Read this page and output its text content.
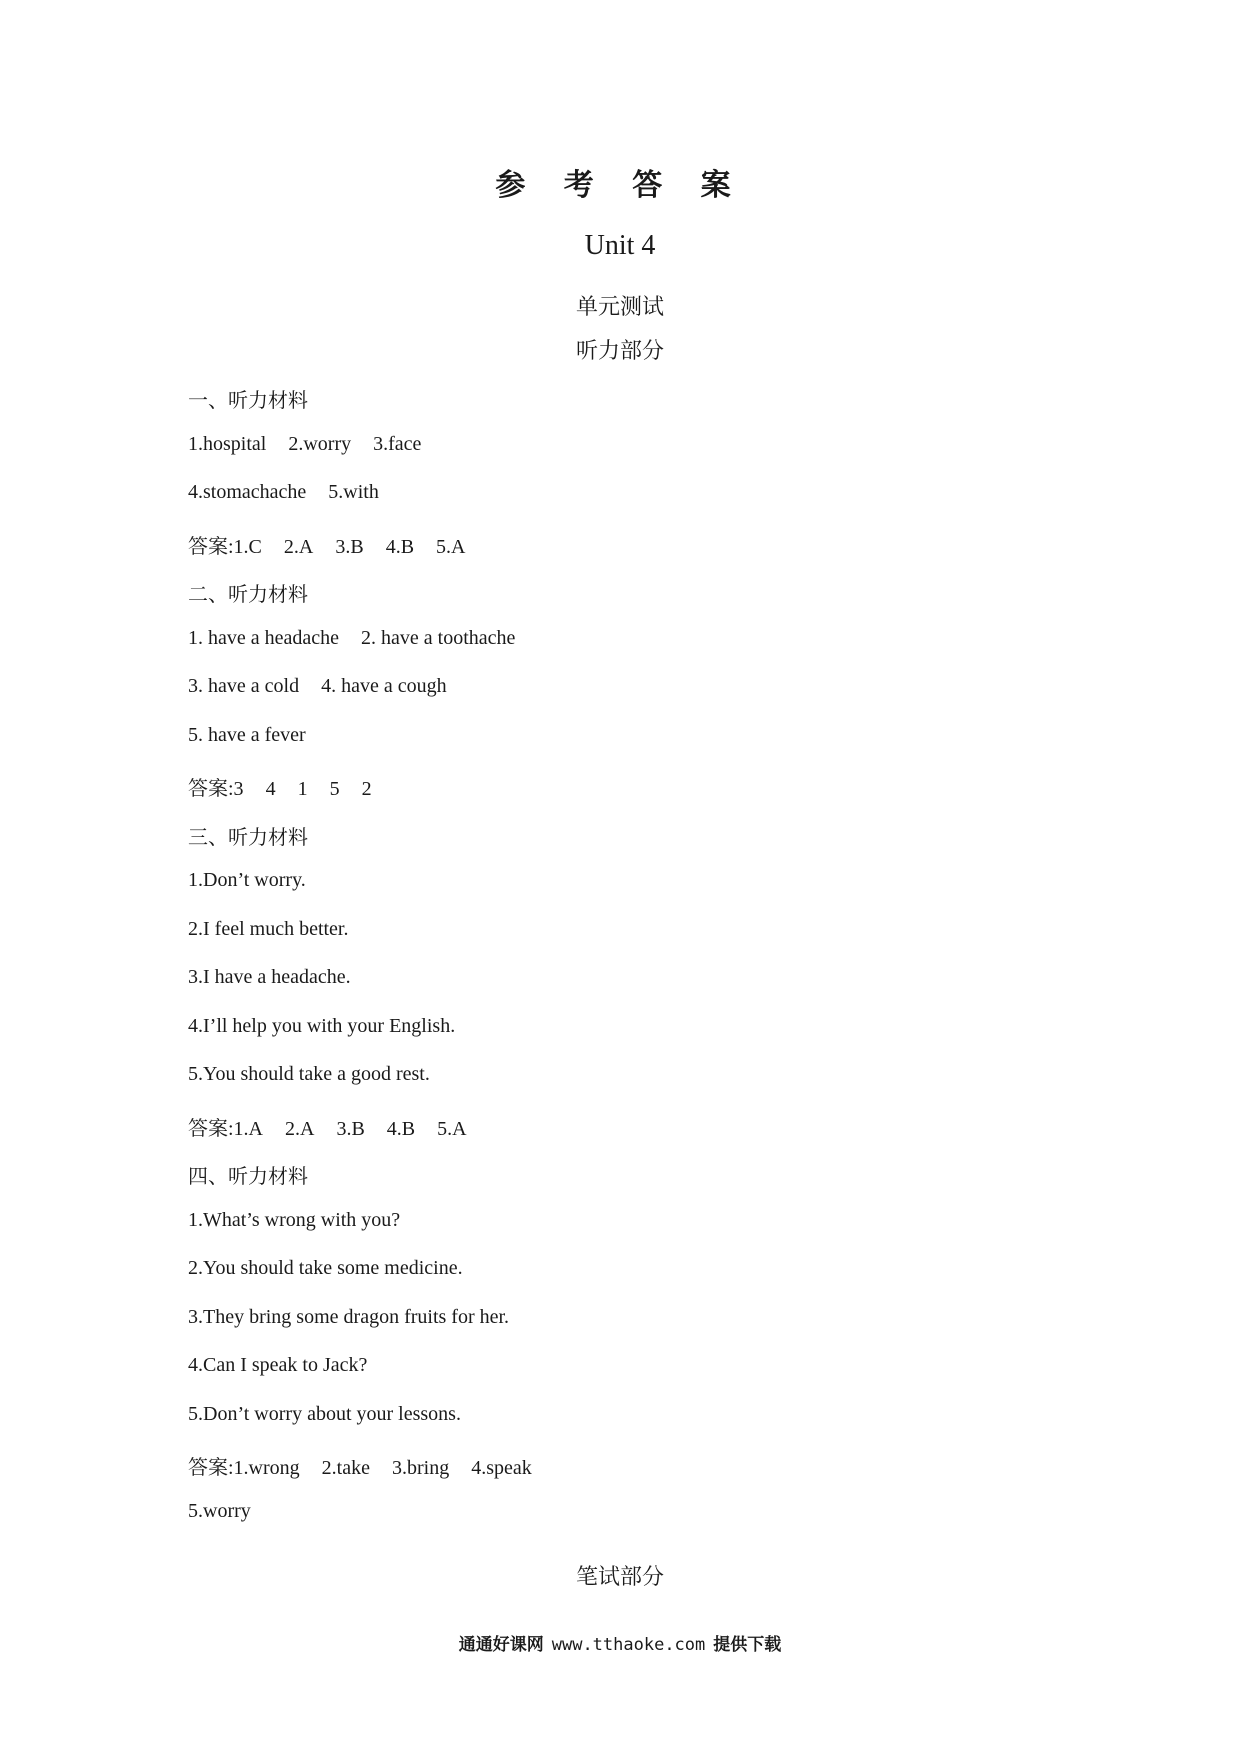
参 考 答 案
Unit 4
单元测试
听力部分
一、听力材料
1.hospital 2.worry 3.face
4.stomachache 5.with
答案:1.C 2.A 3.B 4.B 5.A
二、听力材料
1. have a headache 2. have a toothache
3. have a cold 4. have a cough
5. have a fever
答案:3 4 1 5 2
三、听力材料
1.Don’t worry.
2.I feel much better.
3.I have a headache.
4.I’ll help you with your English.
5.You should take a good rest.
答案:1.A 2.A 3.B 4.B 5.A
四、听力材料
1.What’s wrong with you?
2.You should take some medicine.
3.They bring some dragon fruits for her.
4.Can I speak to Jack?
5.Don’t worry about your lessons.
答案:1.wrong 2.take 3.bring 4.speak
5.worry
笔试部分
通通好课网 www.tthaoke.com 提供下载
